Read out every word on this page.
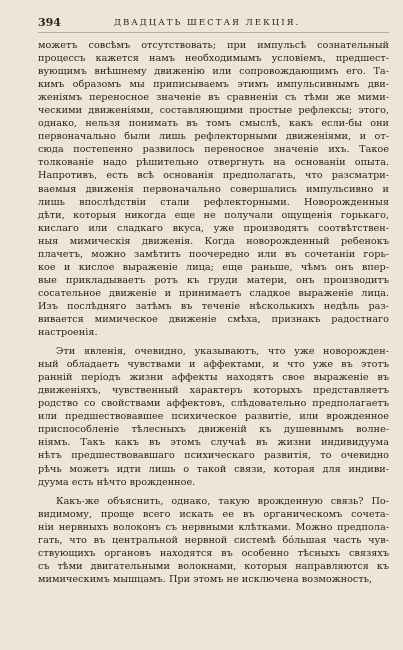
394	ДВАДЦАТЬ ШЕСТАЯ ЛЕКЦІЯ.

можетъ совсѣмъ отсутствовать; при импульсѣ сознательный
процессъ кажется намъ необходимымъ условіемъ, предшест-
вующимъ внѣшнему движенію или сопровождающимъ его. Та-
кимъ образомъ мы приписываемъ этимъ импульсивнымъ дви-
женіямъ переносное значеніе въ сравненіи съ тѣми же мими-
ческими движеніями, составляющими простые рефлексы; этого,
однако, нельзя понимать въ томъ смыслѣ, какъ если-бы они
первоначально были лишь рефлекторными движеніями, и от-
сюда постепенно развилось переносное значеніе ихъ. Такое
толкованіе надо рѣшительно отвергнуть на основаніи опыта.
Напротивъ, есть всѣ основанія предполагать, что разсматри-
ваемыя движенія первоначально совершались импульсивно и
лишь впослѣдствіи стали рефлекторными. Новорожденныя
дѣти, которыя никогда еще не получали ощущенія горькаго,
кислаго или сладкаго вкуса, уже производятъ соотвѣтствен-
ныя мимическія движенія. Когда новорожденный ребенокъ
плачетъ, можно замѣтить поочередно или въ сочетаніи горь-
кое и кислое выраженіе лица; еще раньше, чѣмъ онъ впер-
вые прикладываетъ ротъ къ груди матери, онъ производитъ
сосательное движеніе и принимаетъ сладкое выраженіе лица.
Изъ послѣдняго затѣмъ въ теченіе нѣсколькихъ недѣль раз-
вивается мимическое движеніе смѣха, признакъ радостнаго
настроенія.

Эти явленія, очевидно, указываютъ, что уже новорожден-
ный обладаетъ чувствами и аффектами, и что уже въ этотъ
ранній періодъ жизни аффекты находятъ свое выраженіе въ
движеніяхъ, чувственный характеръ которыхъ представляетъ
родство со свойствами аффектовъ, слѣдовательно предполагаетъ
или предшествовавшее психическое развитіе, или врожденное
приспособленіе тѣлесныхъ движеній къ душевнымъ волне-
ніямъ. Такъ какъ въ этомъ случаѣ въ жизни индивидуума
нѣтъ предшествовавшаго психическаго развитія, то очевидно
рѣчь можетъ идти лишь о такой связи, которая для индиви-
дуума есть нѣчто врожденное.

Какъ-же объяснить, однако, такую врожденную связь? По-
видимому, проще всего искать ее въ органическомъ сочета-
ніи нервныхъ волоконъ съ нервными клѣтками. Можно предпола-
гать, что въ центральной нервной системѣ бо́льшая часть чув-
ствующихъ органовъ находятся въ особенно тѣсныхъ связяхъ
съ тѣми двигательными волокнами, которыя направляются къ
мимическимъ мышцамъ. При этомъ не исключена возможность,
